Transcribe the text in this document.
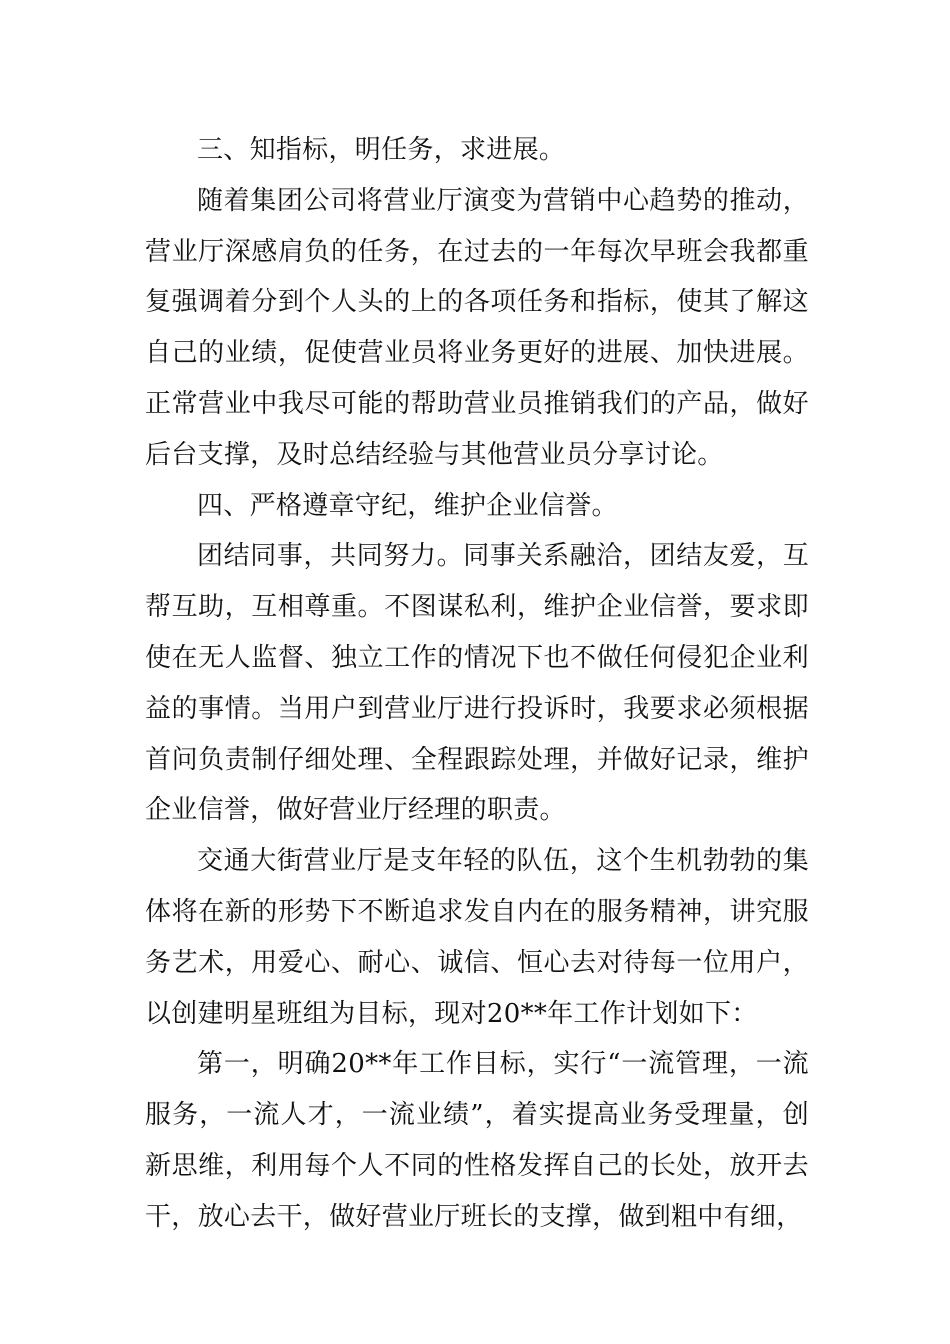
三、知指标，明任务，求进展。

随着集团公司将营业厅演变为营销中心趋势的推动，营业厅深感肩负的任务，在过去的一年每次早班会我都重复强调着分到个人头的上的各项任务和指标，使其了解这自己的业绩，促使营业员将业务更好的进展、加快进展。正常营业中我尽可能的帮助营业员推销我们的产品，做好后台支撑，及时总结经验与其他营业员分享讨论。

四、严格遵章守纪，维护企业信誉。

团结同事，共同努力。同事关系融洽，团结友爱，互帮互助，互相尊重。不图谋私利，维护企业信誉，要求即使在无人监督、独立工作的情况下也不做任何侵犯企业利益的事情。当用户到营业厅进行投诉时，我要求必须根据首问负责制仔细处理、全程跟踪处理，并做好记录，维护企业信誉，做好营业厅经理的职责。

交通大街营业厅是支年轻的队伍，这个生机勃勃的集体将在新的形势下不断追求发自内在的服务精神，讲究服务艺术，用爱心、耐心、诚信、恒心去对待每一位用户，以创建明星班组为目标，现对20**年工作计划如下：

第一，明确20**年工作目标，实行“一流管理，一流服务，一流人才，一流业绩”，着实提高业务受理量，创新思维，利用每个人不同的性格发挥自己的长处，放开去干，放心去干，做好营业厅班长的支撑，做到粗中有细，
